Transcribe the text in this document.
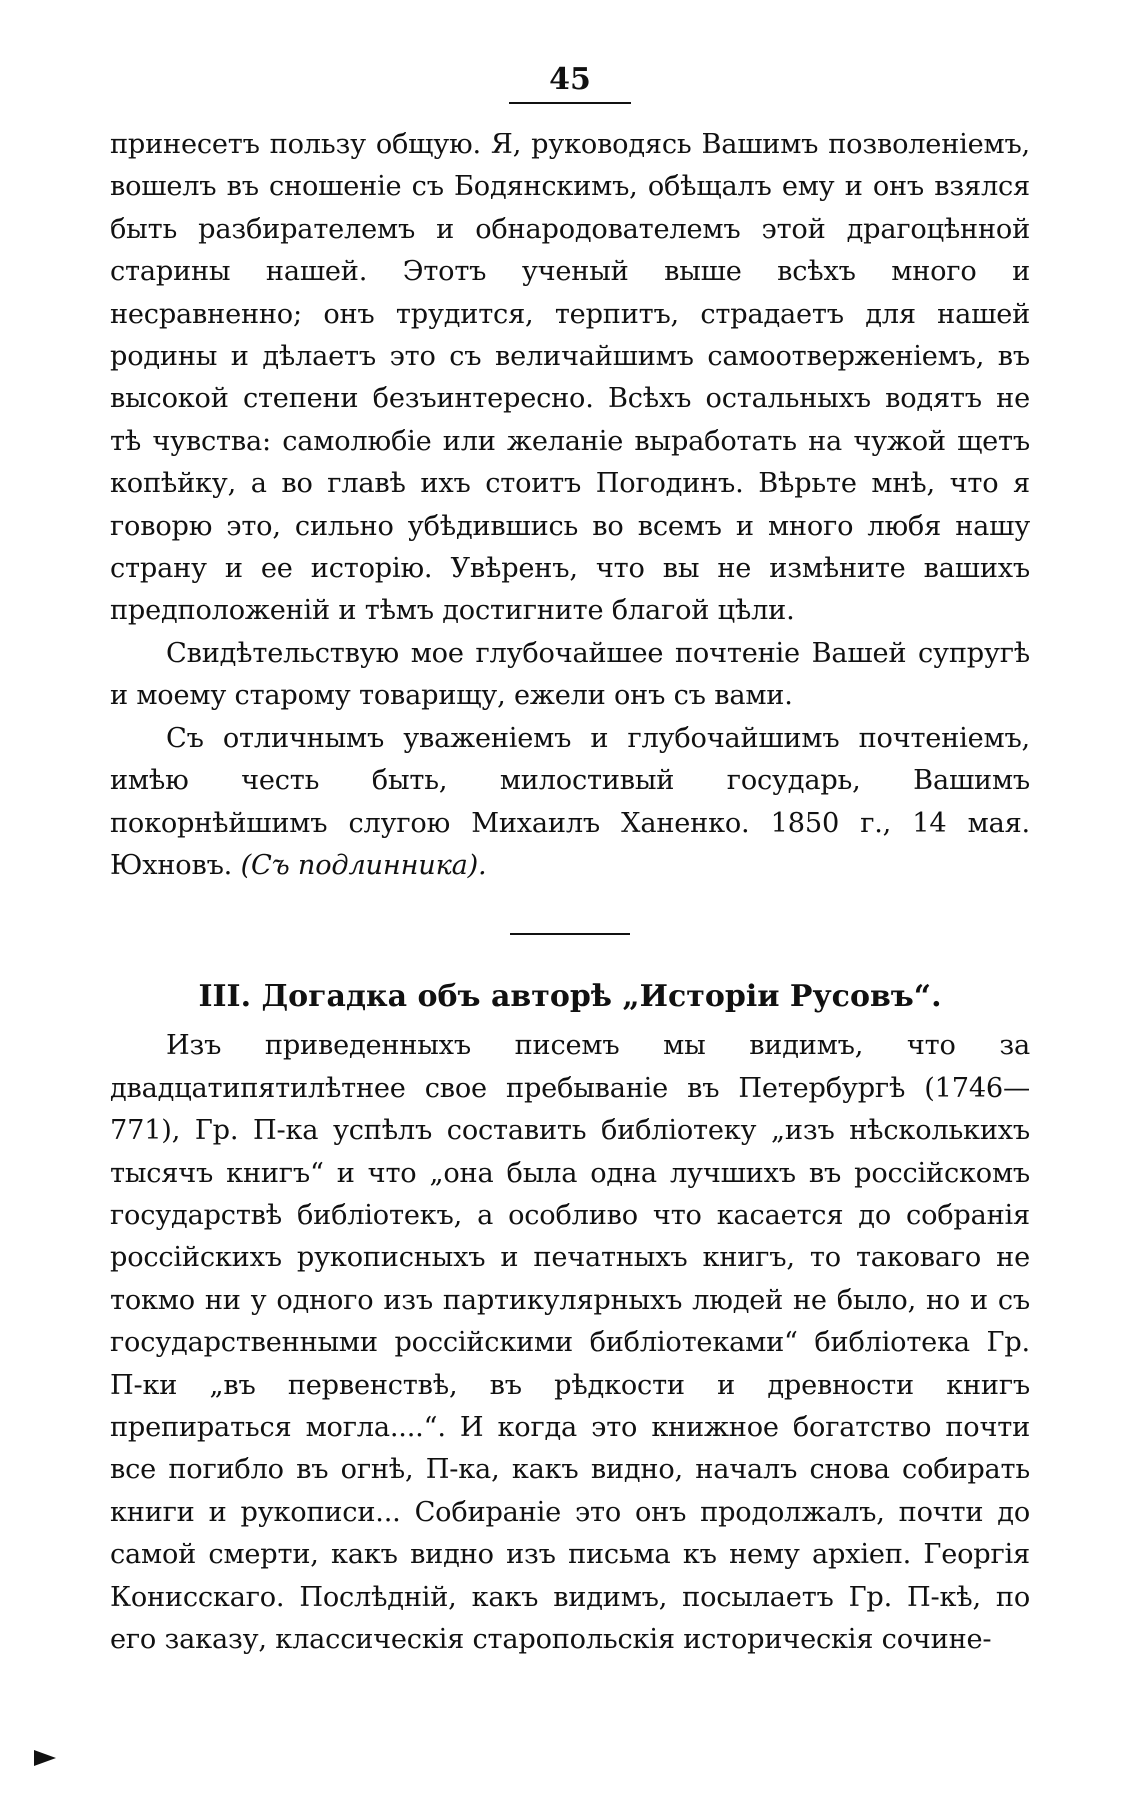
45

принесетъ пользу общую. Я, руководясь Вашимъ позволеніемъ, вошелъ въ сношеніе съ Бодянскимъ, обѣщалъ ему и онъ взялся быть разбирателемъ и обнародователемъ этой драгоцѣнной старины нашей. Этотъ ученый выше всѣхъ много и несравненно; онъ трудится, терпитъ, страдаетъ для нашей родины и дѣлаетъ это съ величайшимъ самоотверженіемъ, въ высокой степени безъинтересно. Всѣхъ остальныхъ водятъ не тѣ чувства: самолюбіе или желаніе выработать на чужой щетъ копѣйку, а во главѣ ихъ стоитъ Погодинъ. Вѣрьте мнѣ, что я говорю это, сильно убѣдившись во всемъ и много любя нашу страну и ее исторію. Увѣренъ, что вы не измѣните вашихъ предположеній и тѣмъ достигните благой цѣли.

Свидѣтельствую мое глубочайшее почтеніе Вашей супругѣ и моему старому товарищу, ежели онъ съ вами.

Съ отличнымъ уваженіемъ и глубочайшимъ почтеніемъ, имѣю честь быть, милостивый государь, Вашимъ покорнѣйшимъ слугою Михаилъ Ханенко. 1850 г., 14 мая. Юхновъ. (Съ подлинника).

III. Догадка объ авторѣ „Исторіи Русовъ“.

Изъ приведенныхъ писемъ мы видимъ, что за двадцатипятилѣтнее свое пребываніе въ Петербургѣ (1746—771), Гр. П-ка успѣлъ составить библіотеку „изъ нѣсколькихъ тысячъ книгъ“ и что „она была одна лучшихъ въ россійскомъ государствѣ библіотекъ, а особливо что касается до собранія россійскихъ рукописныхъ и печатныхъ книгъ, то таковаго не токмо ни у одного изъ партикулярныхъ людей не было, но и съ государственными россійскими библіотеками“ библіотека Гр. П-ки „въ первенствѣ, въ рѣдкости и древности книгъ препираться могла....“. И когда это книжное богатство почти все погибло въ огнѣ, П-ка, какъ видно, началъ снова собирать книги и рукописи... Собираніе это онъ продолжалъ, почти до самой смерти, какъ видно изъ письма къ нему архіеп. Георгія Конисскаго. Послѣдній, какъ видимъ, посылаетъ Гр. П-кѣ, по его заказу, классическія старопольскія историческія сочине-
